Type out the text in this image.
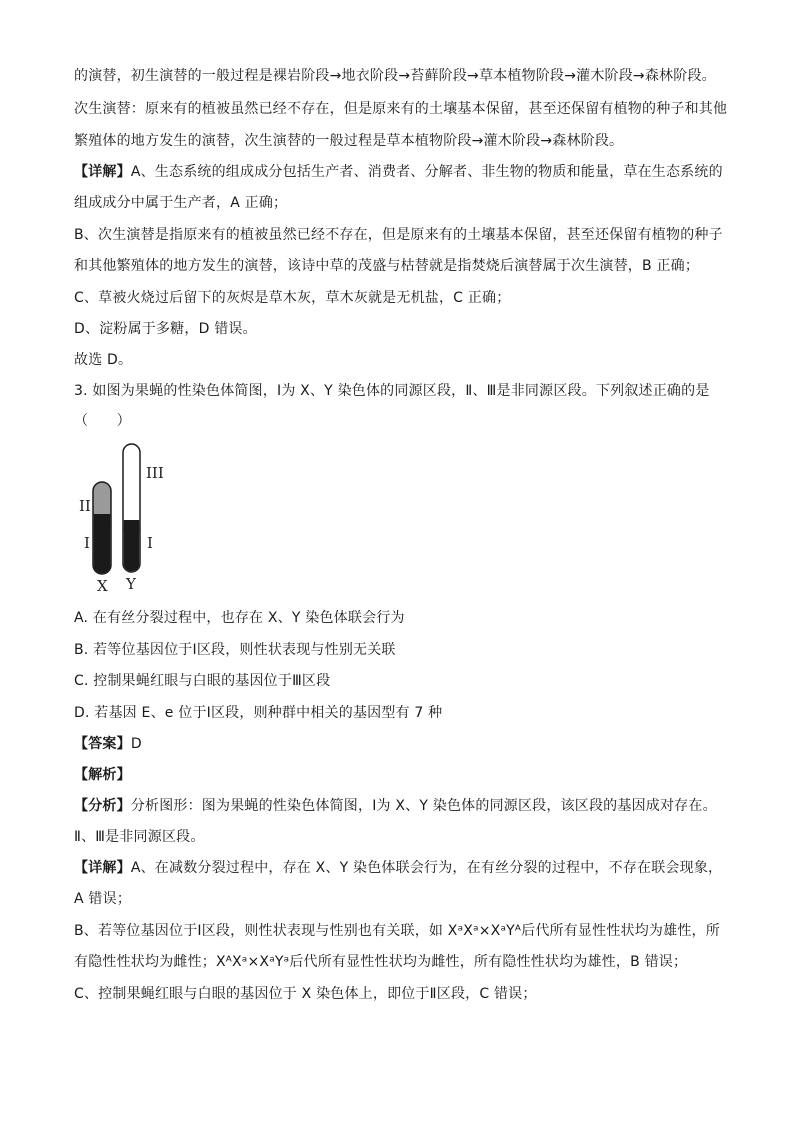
的演替，初生演替的一般过程是裸岩阶段→地衣阶段→苔藓阶段→草本植物阶段→灌木阶段→森林阶段。
次生演替：原来有的植被虽然已经不存在，但是原来有的土壤基本保留，甚至还保留有植物的种子和其他
繁殖体的地方发生的演替，次生演替的一般过程是草本植物阶段→灌木阶段→森林阶段。
【详解】A、生态系统的组成成分包括生产者、消费者、分解者、非生物的物质和能量，草在生态系统的
组成成分中属于生产者，A 正确；
B、次生演替是指原来有的植被虽然已经不存在，但是原来有的土壤基本保留，甚至还保留有植物的种子
和其他繁殖体的地方发生的演替，该诗中草的茂盛与枯替就是指焚烧后演替属于次生演替，B 正确；
C、草被火烧过后留下的灰烬是草木灰，草木灰就是无机盐，C 正确；
D、淀粉属于多糖，D 错误。
故选 D。
3. 如图为果蝇的性染色体简图，Ⅰ为 X、Y 染色体的同源区段，Ⅱ、Ⅲ是非同源区段。下列叙述正确的是
（　　）
II
I
III
I
X Y
A. 在有丝分裂过程中，也存在 X、Y 染色体联会行为
B. 若等位基因位于Ⅰ区段，则性状表现与性别无关联
C. 控制果蝇红眼与白眼的基因位于Ⅲ区段
D. 若基因 E、e 位于Ⅰ区段，则种群中相关的基因型有 7 种
【答案】D
【解析】
【分析】分析图形：图为果蝇的性染色体简图，Ⅰ为 X、Y 染色体的同源区段，该区段的基因成对存在。
Ⅱ、Ⅲ是非同源区段。
【详解】A、在减数分裂过程中，存在 X、Y 染色体联会行为，在有丝分裂的过程中，不存在联会现象，
A 错误；
B、若等位基因位于Ⅰ区段，则性状表现与性别也有关联，如 XᵃXᵃ×XᵃYᴬ后代所有显性性状均为雄性，所
有隐性性状均为雌性；XᴬXᵃ×XᵃYᵃ后代所有显性性状均为雌性，所有隐性性状均为雄性，B 错误；
C、控制果蝇红眼与白眼的基因位于 X 染色体上，即位于Ⅱ区段，C 错误；
